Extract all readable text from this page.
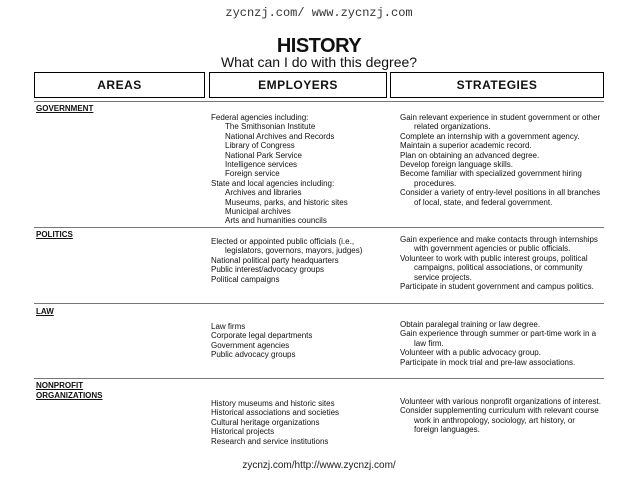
zycnzj.com/ www.zycnzj.com
HISTORY
What can I do with this degree?
AREAS	EMPLOYERS	STRATEGIES
GOVERNMENT
Federal agencies including:
The Smithsonian Institute
National Archives and Records
Library of Congress
National Park Service
Intelligence services
Foreign service
State and local agencies including:
Archives and libraries
Museums, parks, and historic sites
Municipal archives
Arts and humanities councils
Gain relevant experience in student government or other
related organizations.
Complete an internship with a government agency.
Maintain a superior academic record.
Plan on obtaining an advanced degree.
Develop foreign language skills.
Become familiar with specialized government hiring
procedures.
Consider a variety of entry-level positions in all branches
of local, state, and federal government.
POLITICS
Elected or appointed public officials (i.e.,
legislators, governors, mayors, judges)
National political party headquarters
Public interest/advocacy groups
Political campaigns
Gain experience and make contacts through internships
with government agencies or public officials.
Volunteer to work with public interest groups, political
campaigns, political associations, or community
service projects.
Participate in student government and campus politics.
LAW
Law firms
Corporate legal departments
Government agencies
Public advocacy groups
Obtain paralegal training or law degree.
Gain experience through summer or part-time work in a
law firm.
Volunteer with a public advocacy group.
Participate in mock trial and pre-law associations.
NONPROFIT ORGANIZATIONS
History museums and historic sites
Historical associations and societies
Cultural heritage organizations
Historical projects
Research and service institutions
Volunteer with various nonprofit organizations of interest.
Consider supplementing curriculum with relevant course
work in anthropology, sociology, art history, or
foreign languages.
zycnzj.com/http://www.zycnzj.com/
